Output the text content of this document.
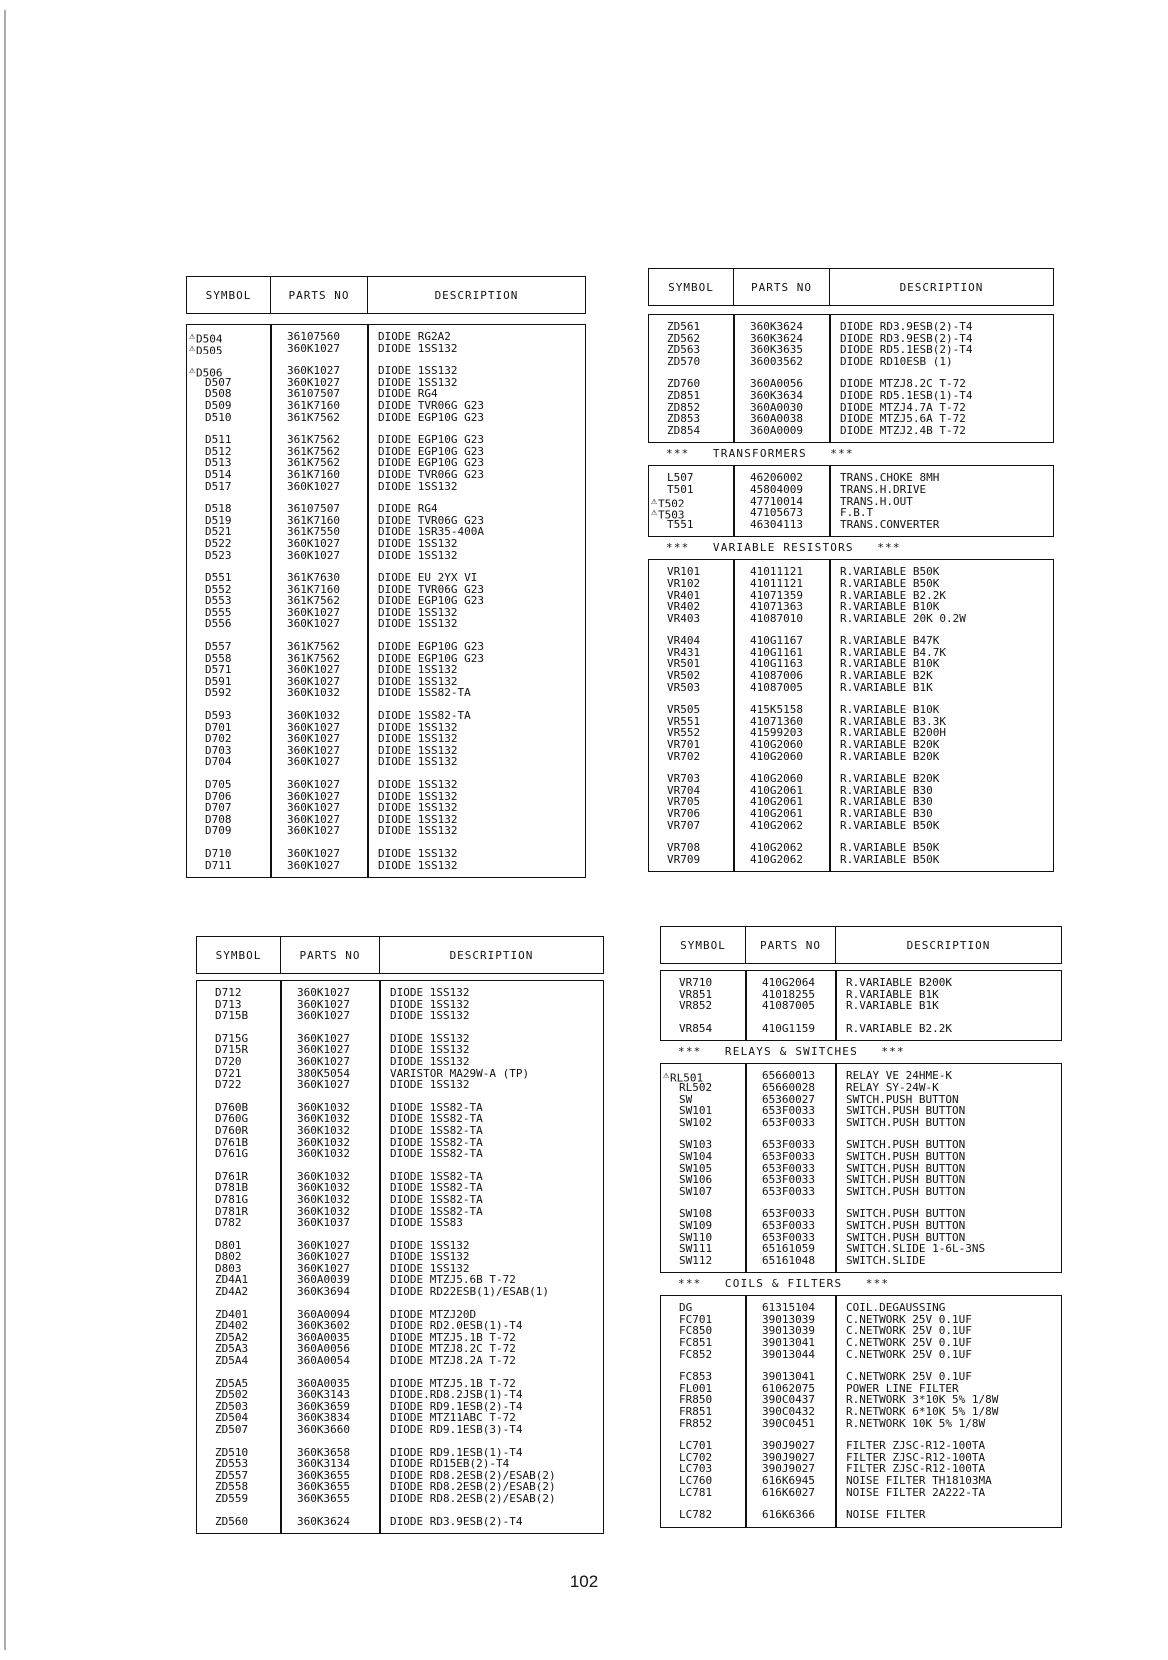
SYMBOL	PARTS NO	DESCRIPTION
⚠D504	36107560	DIODE RG2A2
⚠D505	360K1027	DIODE 1SS132
⚠D506	360K1027	DIODE 1SS132
D507	360K1027	DIODE 1SS132
D508	36107507	DIODE RG4
D509	361K7160	DIODE TVR06G G23
D510	361K7562	DIODE EGP10G G23
D511	361K7562	DIODE EGP10G G23
D512	361K7562	DIODE EGP10G G23
D513	361K7562	DIODE EGP10G G23
D514	361K7160	DIODE TVR06G G23
D517	360K1027	DIODE 1SS132
D518	36107507	DIODE RG4
D519	361K7160	DIODE TVR06G G23
D521	361K7550	DIODE 1SR35-400A
D522	360K1027	DIODE 1SS132
D523	360K1027	DIODE 1SS132
D551	361K7630	DIODE EU 2YX VI
D552	361K7160	DIODE TVR06G G23
D553	361K7562	DIODE EGP10G G23
D555	360K1027	DIODE 1SS132
D556	360K1027	DIODE 1SS132
D557	361K7562	DIODE EGP10G G23
D558	361K7562	DIODE EGP10G G23
D571	360K1027	DIODE 1SS132
D591	360K1027	DIODE 1SS132
D592	360K1032	DIODE 1SS82-TA
D593	360K1032	DIODE 1SS82-TA
D701	360K1027	DIODE 1SS132
D702	360K1027	DIODE 1SS132
D703	360K1027	DIODE 1SS132
D704	360K1027	DIODE 1SS132
D705	360K1027	DIODE 1SS132
D706	360K1027	DIODE 1SS132
D707	360K1027	DIODE 1SS132
D708	360K1027	DIODE 1SS132
D709	360K1027	DIODE 1SS132
D710	360K1027	DIODE 1SS132
D711	360K1027	DIODE 1SS132
SYMBOL	PARTS NO	DESCRIPTION
ZD561	360K3624	DIODE RD3.9ESB(2)-T4
ZD562	360K3624	DIODE RD3.9ESB(2)-T4
ZD563	360K3635	DIODE RD5.1ESB(2)-T4
ZD570	36003562	DIODE RD10ESB (1)
ZD760	360A0056	DIODE MTZJ8.2C T-72
ZD851	360K3634	DIODE RD5.1ESB(1)-T4
ZD852	360A0030	DIODE MTZJ4.7A T-72
ZD853	360A0038	DIODE MTZJ5.6A T-72
ZD854	360A0009	DIODE MTZJ2.4B T-72
***   TRANSFORMERS   ***
L507	46206002	TRANS.CHOKE 8MH
T501	45804009	TRANS.H.DRIVE
⚠T502	47710014	TRANS.H.OUT
⚠T503	47105673	F.B.T
T551	46304113	TRANS.CONVERTER
***   VARIABLE RESISTORS   ***
VR101	41011121	R.VARIABLE B50K
VR102	41011121	R.VARIABLE B50K
VR401	41071359	R.VARIABLE B2.2K
VR402	41071363	R.VARIABLE B10K
VR403	41087010	R.VARIABLE 20K 0.2W
VR404	410G1167	R.VARIABLE B47K
VR431	410G1161	R.VARIABLE B4.7K
VR501	410G1163	R.VARIABLE B10K
VR502	41087006	R.VARIABLE B2K
VR503	41087005	R.VARIABLE B1K
VR505	415K5158	R.VARIABLE B10K
VR551	41071360	R.VARIABLE B3.3K
VR552	41599203	R.VARIABLE B200H
VR701	410G2060	R.VARIABLE B20K
VR702	410G2060	R.VARIABLE B20K
VR703	410G2060	R.VARIABLE B20K
VR704	410G2061	R.VARIABLE B30
VR705	410G2061	R.VARIABLE B30
VR706	410G2061	R.VARIABLE B30
VR707	410G2062	R.VARIABLE B50K
VR708	410G2062	R.VARIABLE B50K
VR709	410G2062	R.VARIABLE B50K
SYMBOL	PARTS NO	DESCRIPTION
D712	360K1027	DIODE 1SS132
D713	360K1027	DIODE 1SS132
D715B	360K1027	DIODE 1SS132
D715G	360K1027	DIODE 1SS132
D715R	360K1027	DIODE 1SS132
D720	360K1027	DIODE 1SS132
D721	380K5054	VARISTOR MA29W-A (TP)
D722	360K1027	DIODE 1SS132
D760B	360K1032	DIODE 1SS82-TA
D760G	360K1032	DIODE 1SS82-TA
D760R	360K1032	DIODE 1SS82-TA
D761B	360K1032	DIODE 1SS82-TA
D761G	360K1032	DIODE 1SS82-TA
D761R	360K1032	DIODE 1SS82-TA
D781B	360K1032	DIODE 1SS82-TA
D781G	360K1032	DIODE 1SS82-TA
D781R	360K1032	DIODE 1SS82-TA
D782	360K1037	DIODE 1SS83
D801	360K1027	DIODE 1SS132
D802	360K1027	DIODE 1SS132
D803	360K1027	DIODE 1SS132
ZD4A1	360A0039	DIODE MTZJ5.6B T-72
ZD4A2	360K3694	DIODE RD22ESB(1)/ESAB(1)
ZD401	360A0094	DIODE MTZJ20D
ZD402	360K3602	DIODE RD2.0ESB(1)-T4
ZD5A2	360A0035	DIODE MTZJ5.1B T-72
ZD5A3	360A0056	DIODE MTZJ8.2C T-72
ZD5A4	360A0054	DIODE MTZJ8.2A T-72
ZD5A5	360A0035	DIODE MTZJ5.1B T-72
ZD502	360K3143	DIODE.RD8.2JSB(1)-T4
ZD503	360K3659	DIODE RD9.1ESB(2)-T4
ZD504	360K3834	DIODE MTZ11ABC T-72
ZD507	360K3660	DIODE RD9.1ESB(3)-T4
ZD510	360K3658	DIODE RD9.1ESB(1)-T4
ZD553	360K3134	DIODE RD15EB(2)-T4
ZD557	360K3655	DIODE RD8.2ESB(2)/ESAB(2)
ZD558	360K3655	DIODE RD8.2ESB(2)/ESAB(2)
ZD559	360K3655	DIODE RD8.2ESB(2)/ESAB(2)
ZD560	360K3624	DIODE RD3.9ESB(2)-T4
SYMBOL	PARTS NO	DESCRIPTION
VR710	410G2064	R.VARIABLE B200K
VR851	41018255	R.VARIABLE B1K
VR852	41087005	R.VARIABLE B1K
VR854	410G1159	R.VARIABLE B2.2K
***   RELAYS & SWITCHES   ***
⚠RL501	65660013	RELAY VE 24HME-K
RL502	65660028	RELAY SY-24W-K
SW	65360027	SWTCH.PUSH BUTTON
SW101	653F0033	SWITCH.PUSH BUTTON
SW102	653F0033	SWITCH.PUSH BUTTON
SW103	653F0033	SWITCH.PUSH BUTTON
SW104	653F0033	SWITCH.PUSH BUTTON
SW105	653F0033	SWITCH.PUSH BUTTON
SW106	653F0033	SWITCH.PUSH BUTTON
SW107	653F0033	SWITCH.PUSH BUTTON
SW108	653F0033	SWITCH.PUSH BUTTON
SW109	653F0033	SWITCH.PUSH BUTTON
SW110	653F0033	SWITCH.PUSH BUTTON
SW111	65161059	SWITCH.SLIDE 1-6L-3NS
SW112	65161048	SWITCH.SLIDE
***   COILS & FILTERS   ***
DG	61315104	COIL.DEGAUSSING
FC701	39013039	C.NETWORK 25V 0.1UF
FC850	39013039	C.NETWORK 25V 0.1UF
FC851	39013041	C.NETWORK 25V 0.1UF
FC852	39013044	C.NETWORK 25V 0.1UF
FC853	39013041	C.NETWORK 25V 0.1UF
FL001	61062075	POWER LINE FILTER
FR850	390C0437	R.NETWORK 3*10K 5% 1/8W
FR851	390C0432	R.NETWORK 6*10K 5% 1/8W
FR852	390C0451	R.NETWORK 10K 5% 1/8W
LC701	390J9027	FILTER ZJSC-R12-100TA
LC702	390J9027	FILTER ZJSC-R12-100TA
LC703	390J9027	FILTER ZJSC-R12-100TA
LC760	616K6945	NOISE FILTER TH18103MA
LC781	616K6027	NOISE FILTER 2A222-TA
LC782	616K6366	NOISE FILTER
102
